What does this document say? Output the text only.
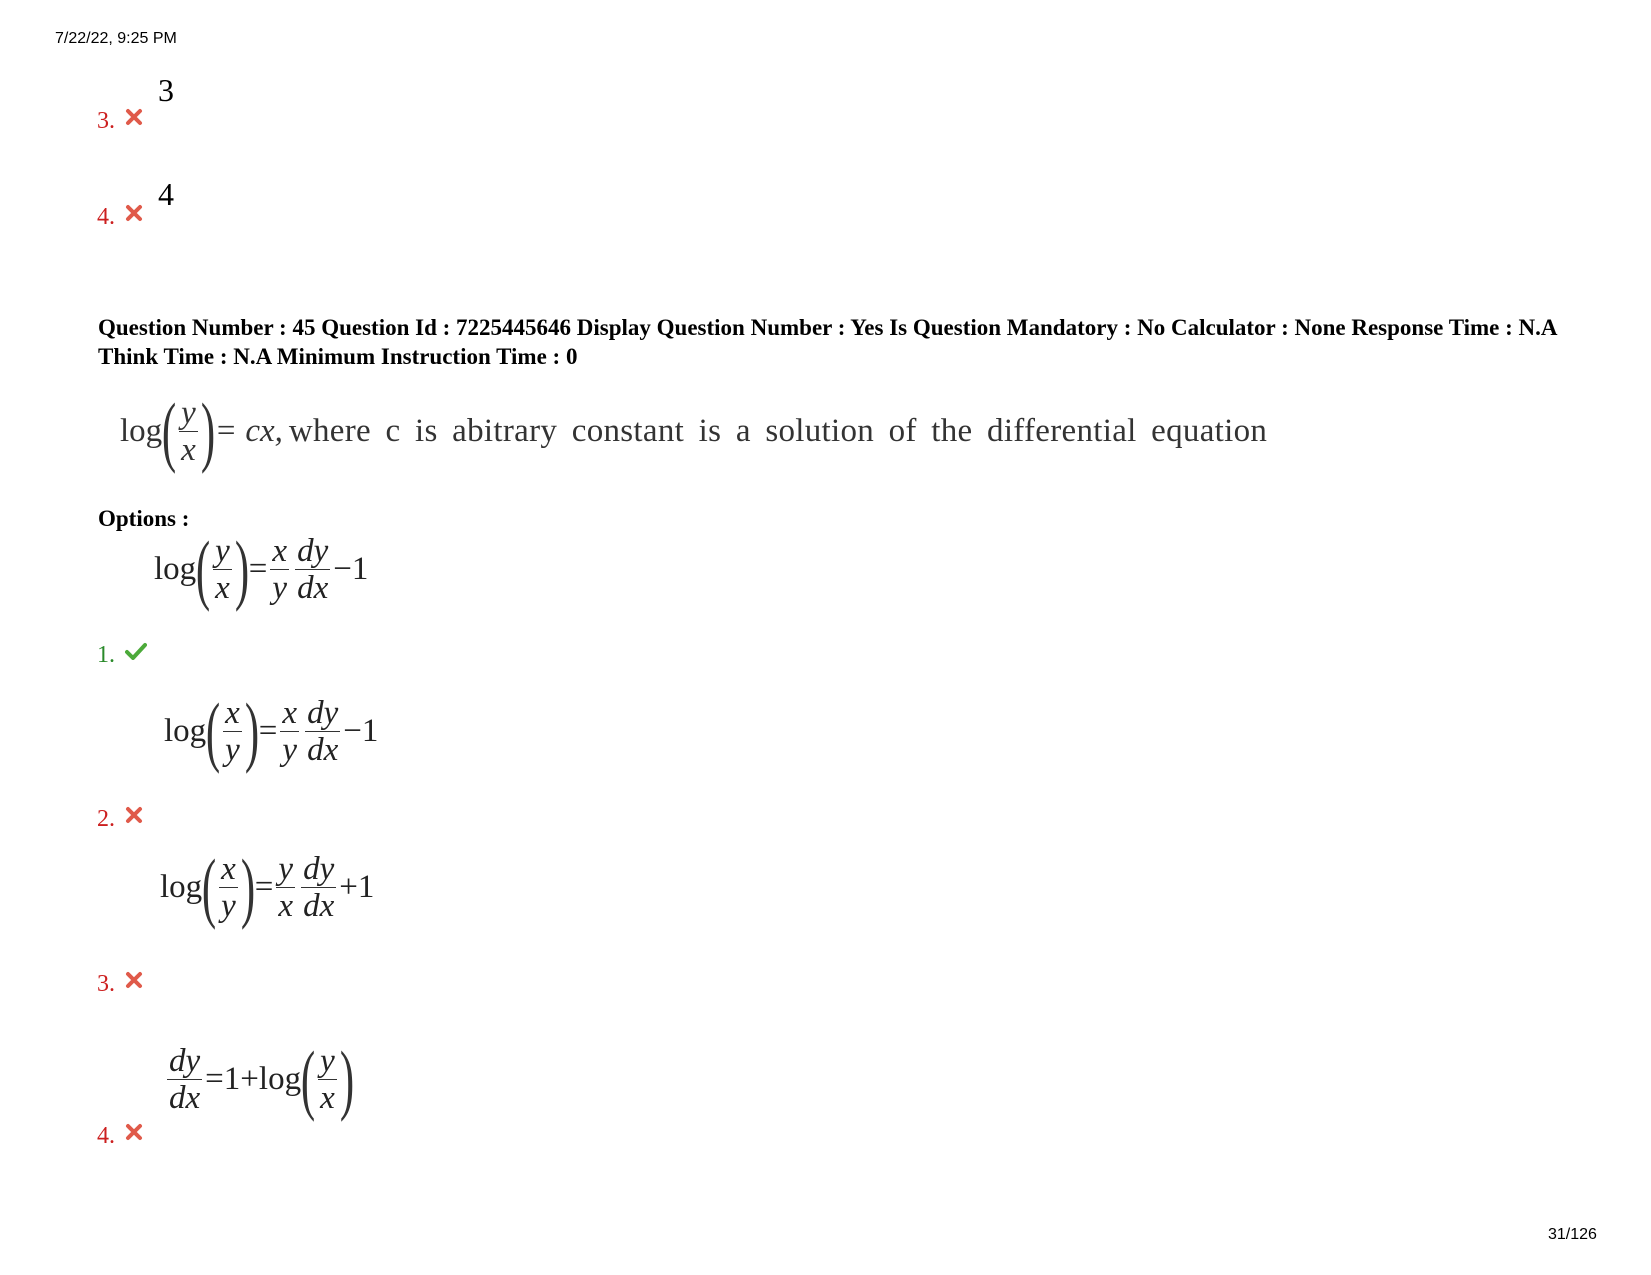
7/22/22, 9:25 PM
3
3.
4
4.
Question Number : 45 Question Id : 7225445646 Display Question Number : Yes Is Question Mandatory : No Calculator : None Response Time : N.A Think Time : N.A Minimum Instruction Time : 0
log ( $\frac{y}{x}$ ) = cx, where c is abitrary constant is a solution of the differential equation
Options :
log ( $\frac{y}{x}$ ) = $\frac{x}{y} \frac{dy}{dx} -1$
1.
log ( $\frac{x}{y}$ ) = $\frac{x}{y} \frac{dy}{dx} -1$
2.
log ( $\frac{x}{y}$ ) = $\frac{y}{x} \frac{dy}{dx} +1$
3.
$\frac{dy}{dx} = 1+ \log$ ( $\frac{y}{x}$ )
4.
31/126
